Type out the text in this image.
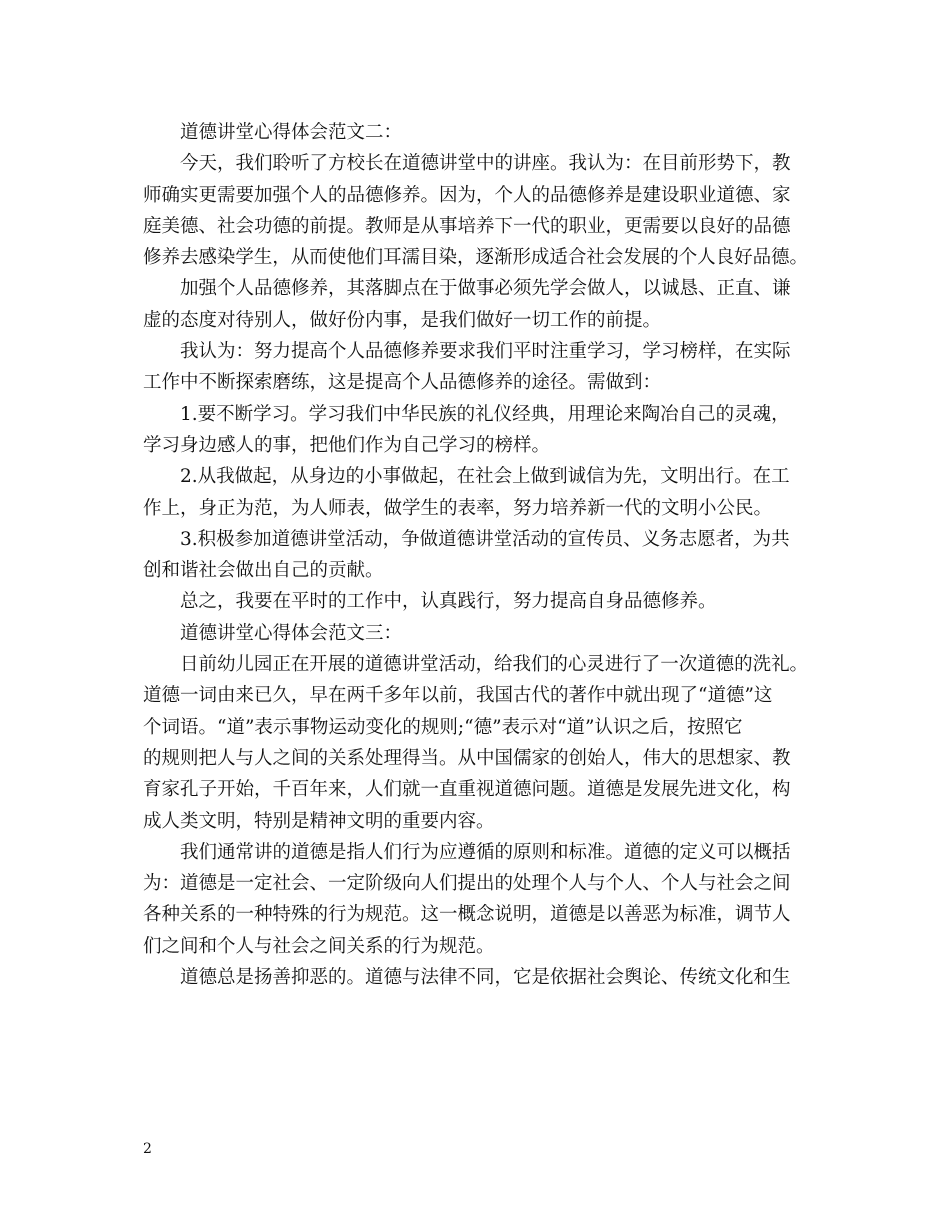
道德讲堂心得体会范文二：
今天，我们聆听了方校长在道德讲堂中的讲座。我认为：在目前形势下，教
师确实更需要加强个人的品德修养。因为，个人的品德修养是建设职业道德、家
庭美德、社会功德的前提。教师是从事培养下一代的职业，更需要以良好的品德
修养去感染学生，从而使他们耳濡目染，逐渐形成适合社会发展的个人良好品德。
加强个人品德修养，其落脚点在于做事必须先学会做人，以诚恳、正直、谦
虚的态度对待别人，做好份内事，是我们做好一切工作的前提。
我认为：努力提高个人品德修养要求我们平时注重学习，学习榜样，在实际
工作中不断探索磨练，这是提高个人品德修养的途径。需做到：
1.要不断学习。学习我们中华民族的礼仪经典，用理论来陶冶自己的灵魂，
学习身边感人的事，把他们作为自己学习的榜样。
2.从我做起，从身边的小事做起，在社会上做到诚信为先，文明出行。在工
作上，身正为范，为人师表，做学生的表率，努力培养新一代的文明小公民。
3.积极参加道德讲堂活动，争做道德讲堂活动的宣传员、义务志愿者，为共
创和谐社会做出自己的贡献。
总之，我要在平时的工作中，认真践行，努力提高自身品德修养。
道德讲堂心得体会范文三：
日前幼儿园正在开展的道德讲堂活动，给我们的心灵进行了一次道德的洗礼。
道德一词由来已久，早在两千多年以前，我国古代的著作中就出现了“道德”这
个词语。“道”表示事物运动变化的规则;“德”表示对“道”认识之后，按照它
的规则把人与人之间的关系处理得当。从中国儒家的创始人，伟大的思想家、教
育家孔子开始，千百年来，人们就一直重视道德问题。道德是发展先进文化，构
成人类文明，特别是精神文明的重要内容。
我们通常讲的道德是指人们行为应遵循的原则和标准。道德的定义可以概括
为：道德是一定社会、一定阶级向人们提出的处理个人与个人、个人与社会之间
各种关系的一种特殊的行为规范。这一概念说明，道德是以善恶为标准，调节人
们之间和个人与社会之间关系的行为规范。
道德总是扬善抑恶的。道德与法律不同，它是依据社会舆论、传统文化和生
2
